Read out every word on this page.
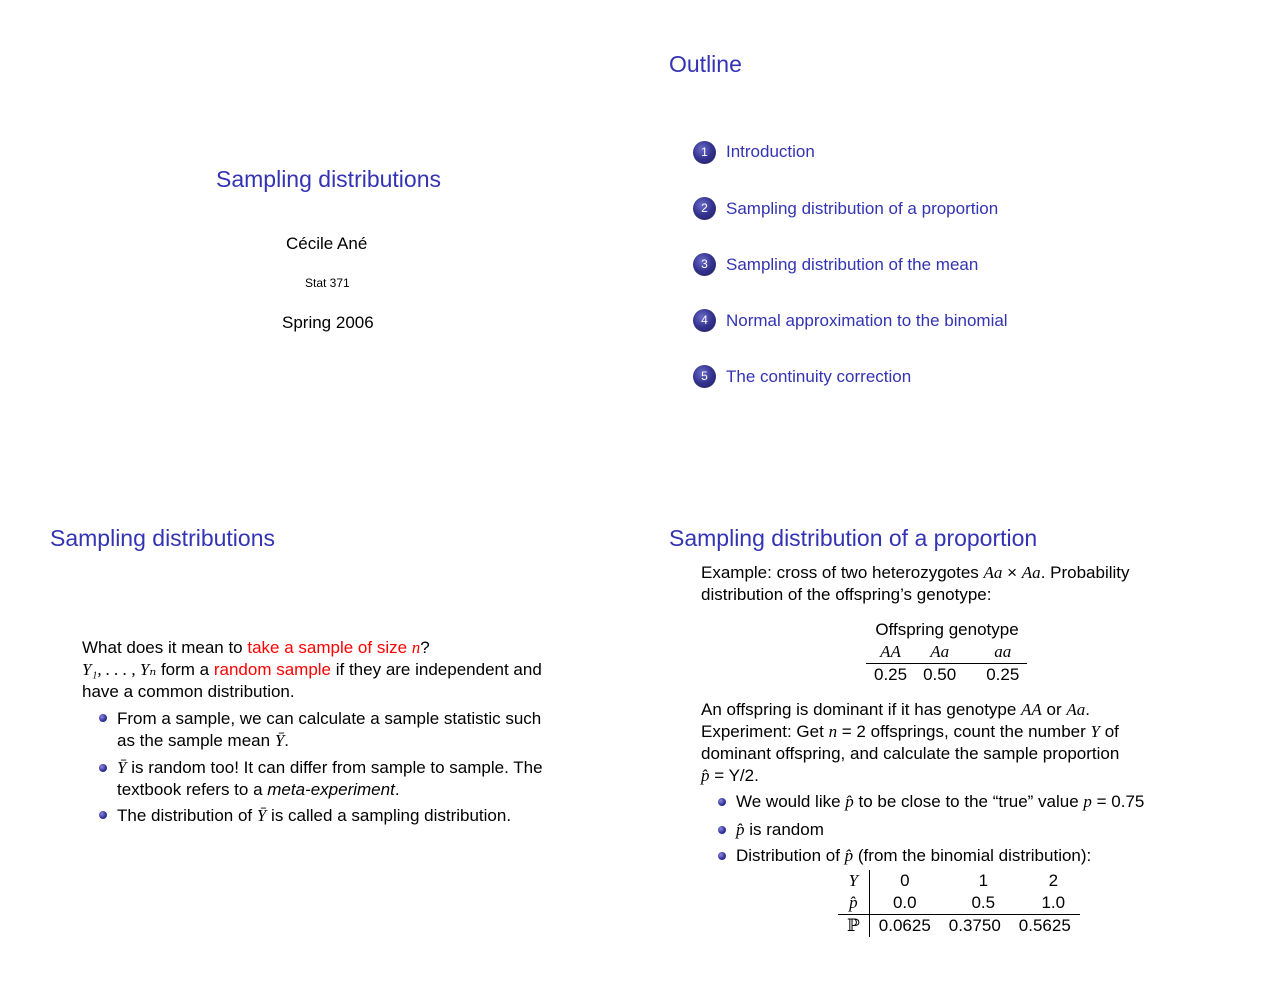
Sampling distributions
Cécile Ané
Stat 371
Spring 2006
Outline
1	Introduction
2	Sampling distribution of a proportion
3	Sampling distribution of the mean
4	Normal approximation to the binomial
5	The continuity correction
Sampling distributions
What does it mean to take a sample of size n?
Y₁, . . . , Yₙ form a random sample if they are independent and
have a common distribution.
From a sample, we can calculate a sample statistic such
as the sample mean Ȳ.
Ȳ is random too! It can differ from sample to sample. The
textbook refers to a meta-experiment.
The distribution of Ȳ is called a sampling distribution.
Sampling distribution of a proportion
Example: cross of two heterozygotes Aa × Aa. Probability
distribution of the offspring’s genotype:
Offspring genotype
AA	Aa	aa
0.25	0.50	0.25
An offspring is dominant if it has genotype AA or Aa.
Experiment: Get n = 2 offsprings, count the number Y of
dominant offspring, and calculate the sample proportion
p̂ = Y/2.
We would like p̂ to be close to the “true” value p = 0.75
p̂ is random
Distribution of p̂ (from the binomial distribution):
Y	0	1	2
p̂	0.0	0.5	1.0
ℙ	0.0625	0.3750	0.5625
